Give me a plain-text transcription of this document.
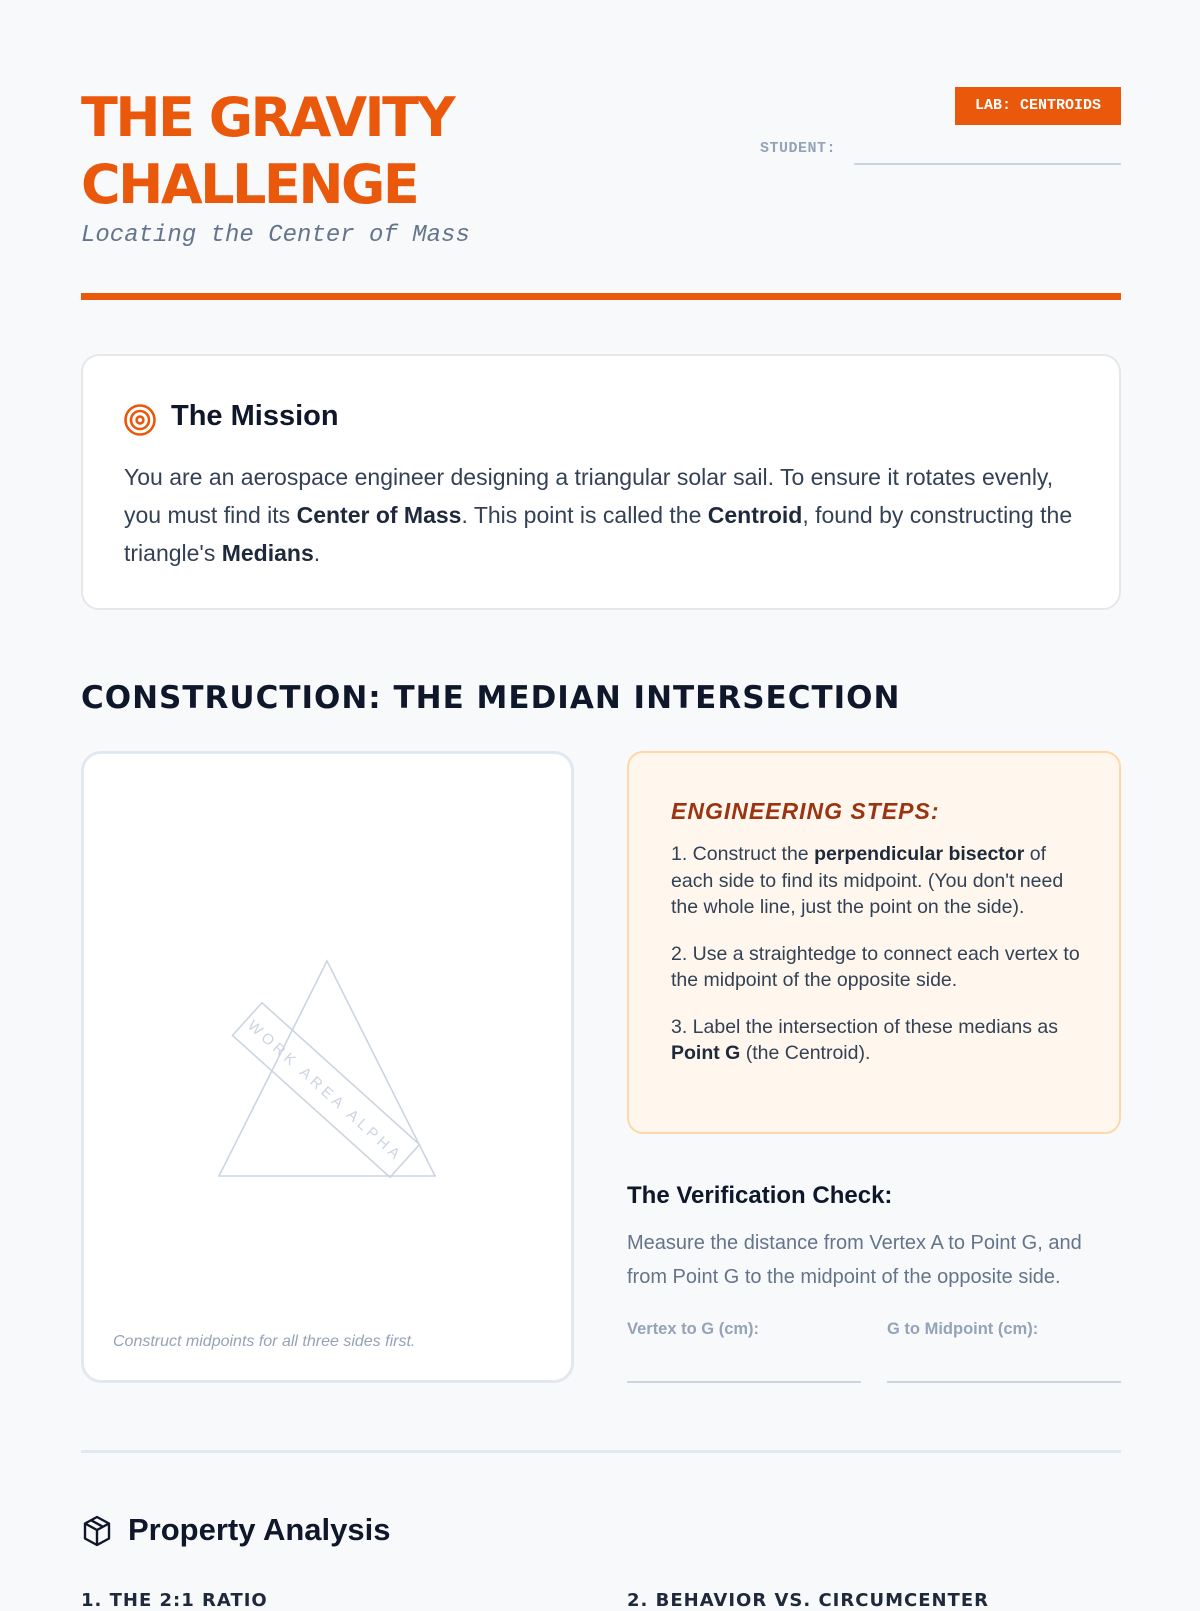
THE GRAVITY
CHALLENGE
Locating the Center of Mass
LAB: CENTROIDS
STUDENT:
The Mission
You are an aerospace engineer designing a triangular solar sail. To ensure it rotates evenly, you must find its Center of Mass. This point is called the Centroid, found by constructing the triangle's Medians.
CONSTRUCTION: THE MEDIAN INTERSECTION
WORK AREA ALPHA
Construct midpoints for all three sides first.
ENGINEERING STEPS:
1. Construct the perpendicular bisector of each side to find its midpoint. (You don't need the whole line, just the point on the side).
2. Use a straightedge to connect each vertex to the midpoint of the opposite side.
3. Label the intersection of these medians as Point G (the Centroid).
The Verification Check:
Measure the distance from Vertex A to Point G, and from Point G to the midpoint of the opposite side.
Vertex to G (cm):	G to Midpoint (cm):
Property Analysis
1. THE 2:1 RATIO	2. BEHAVIOR VS. CIRCUMCENTER
